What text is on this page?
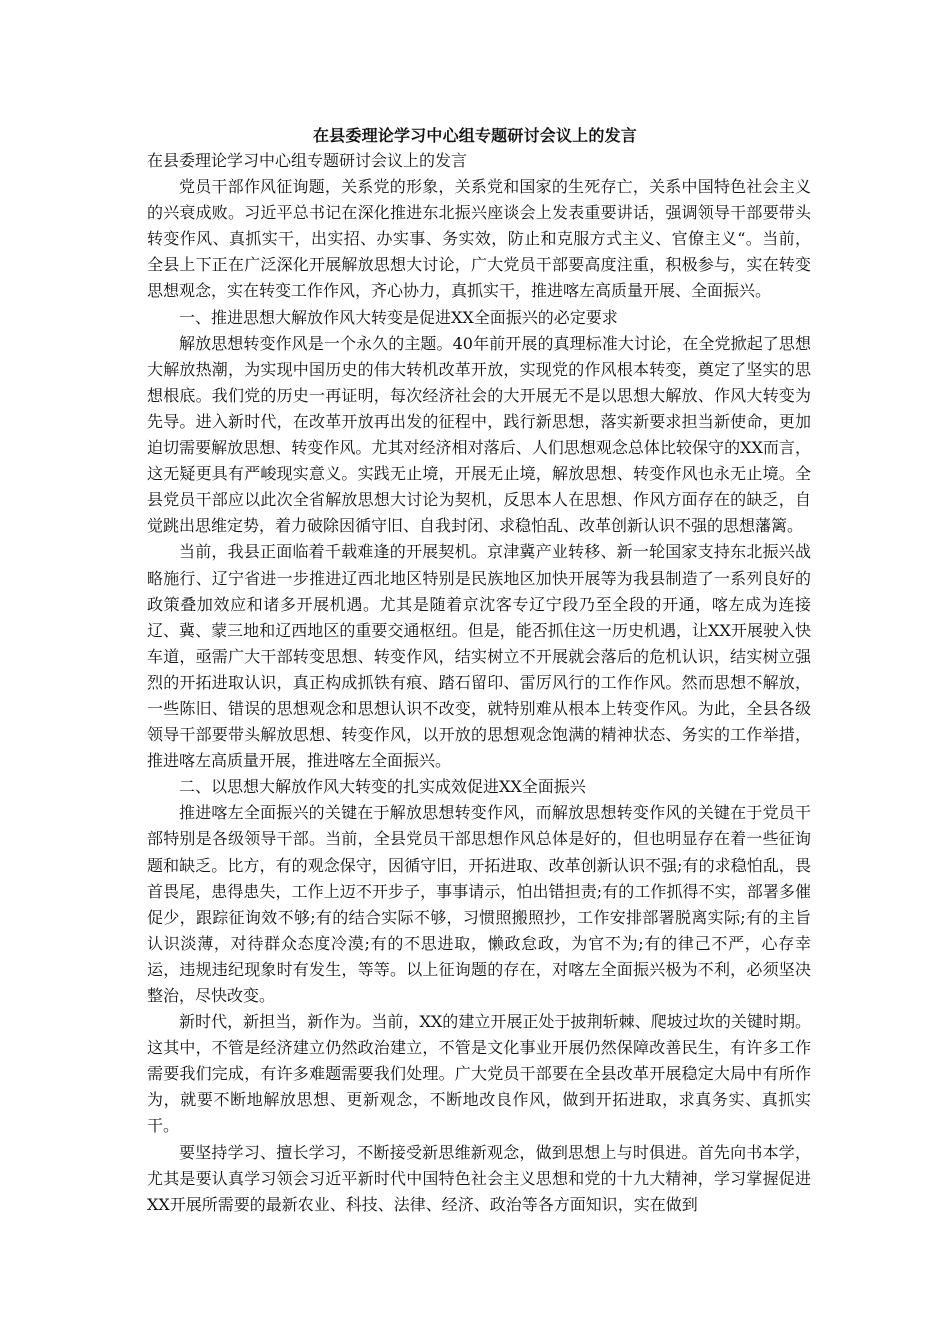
在县委理论学习中心组专题研讨会议上的发言

在县委理论学习中心组专题研讨会议上的发言

党员干部作风征询题，关系党的形象，关系党和国家的生死存亡，关系中国特色社会主义的兴衰成败。习近平总书记在深化推进东北振兴座谈会上发表重要讲话，强调领导干部要带头转变作风、真抓实干，出实招、办实事、务实效，防止和克服方式主义、官僚主义“。当前，全县上下正在广泛深化开展解放思想大讨论，广大党员干部要高度注重，积极参与，实在转变思想观念，实在转变工作作风，齐心协力，真抓实干，推进喀左高质量开展、全面振兴。

一、推进思想大解放作风大转变是促进XX全面振兴的必定要求

解放思想转变作风是一个永久的主题。40年前开展的真理标准大讨论，在全党掀起了思想大解放热潮，为实现中国历史的伟大转机改革开放，实现党的作风根本转变，奠定了坚实的思想根底。我们党的历史一再证明，每次经济社会的大开展无不是以思想大解放、作风大转变为先导。进入新时代，在改革开放再出发的征程中，践行新思想，落实新要求担当新使命，更加迫切需要解放思想、转变作风。尤其对经济相对落后、人们思想观念总体比较保守的XX而言，这无疑更具有严峻现实意义。实践无止境，开展无止境，解放思想、转变作风也永无止境。全县党员干部应以此次全省解放思想大讨论为契机，反思本人在思想、作风方面存在的缺乏，自觉跳出思维定势，着力破除因循守旧、自我封闭、求稳怕乱、改革创新认识不强的思想藩篱。

当前，我县正面临着千载难逢的开展契机。京津冀产业转移、新一轮国家支持东北振兴战略施行、辽宁省进一步推进辽西北地区特别是民族地区加快开展等为我县制造了一系列良好的政策叠加效应和诸多开展机遇。尤其是随着京沈客专辽宁段乃至全段的开通，喀左成为连接辽、冀、蒙三地和辽西地区的重要交通枢纽。但是，能否抓住这一历史机遇，让XX开展驶入快车道，亟需广大干部转变思想、转变作风，结实树立不开展就会落后的危机认识，结实树立强烈的开拓进取认识，真正构成抓铁有痕、踏石留印、雷厉风行的工作作风。然而思想不解放，一些陈旧、错误的思想观念和思想认识不改变，就特别难从根本上转变作风。为此，全县各级领导干部要带头解放思想、转变作风，以开放的思想观念饱满的精神状态、务实的工作举措，推进喀左高质量开展，推进喀左全面振兴。

二、以思想大解放作风大转变的扎实成效促进XX全面振兴

推进喀左全面振兴的关键在于解放思想转变作风，而解放思想转变作风的关键在于党员干部特别是各级领导干部。当前，全县党员干部思想作风总体是好的，但也明显存在着一些征询题和缺乏。比方，有的观念保守，因循守旧，开拓进取、改革创新认识不强;有的求稳怕乱，畏首畏尾，患得患失，工作上迈不开步子，事事请示，怕出错担责;有的工作抓得不实，部署多催促少，跟踪征询效不够;有的结合实际不够，习惯照搬照抄，工作安排部署脱离实际;有的主旨认识淡薄，对待群众态度冷漠;有的不思进取，懒政怠政，为官不为;有的律己不严，心存幸运，违规违纪现象时有发生，等等。以上征询题的存在，对喀左全面振兴极为不利，必须坚决整治，尽快改变。

新时代，新担当，新作为。当前，XX的建立开展正处于披荆斩棘、爬坡过坎的关键时期。这其中，不管是经济建立仍然政治建立，不管是文化事业开展仍然保障改善民生，有许多工作需要我们完成，有许多难题需要我们处理。广大党员干部要在全县改革开展稳定大局中有所作为，就要不断地解放思想、更新观念，不断地改良作风，做到开拓进取，求真务实、真抓实干。

要坚持学习、擅长学习，不断接受新思维新观念，做到思想上与时俱进。首先向书本学，尤其是要认真学习领会习近平新时代中国特色社会主义思想和党的十九大精神，学习掌握促进XX开展所需要的最新农业、科技、法律、经济、政治等各方面知识，实在做到
